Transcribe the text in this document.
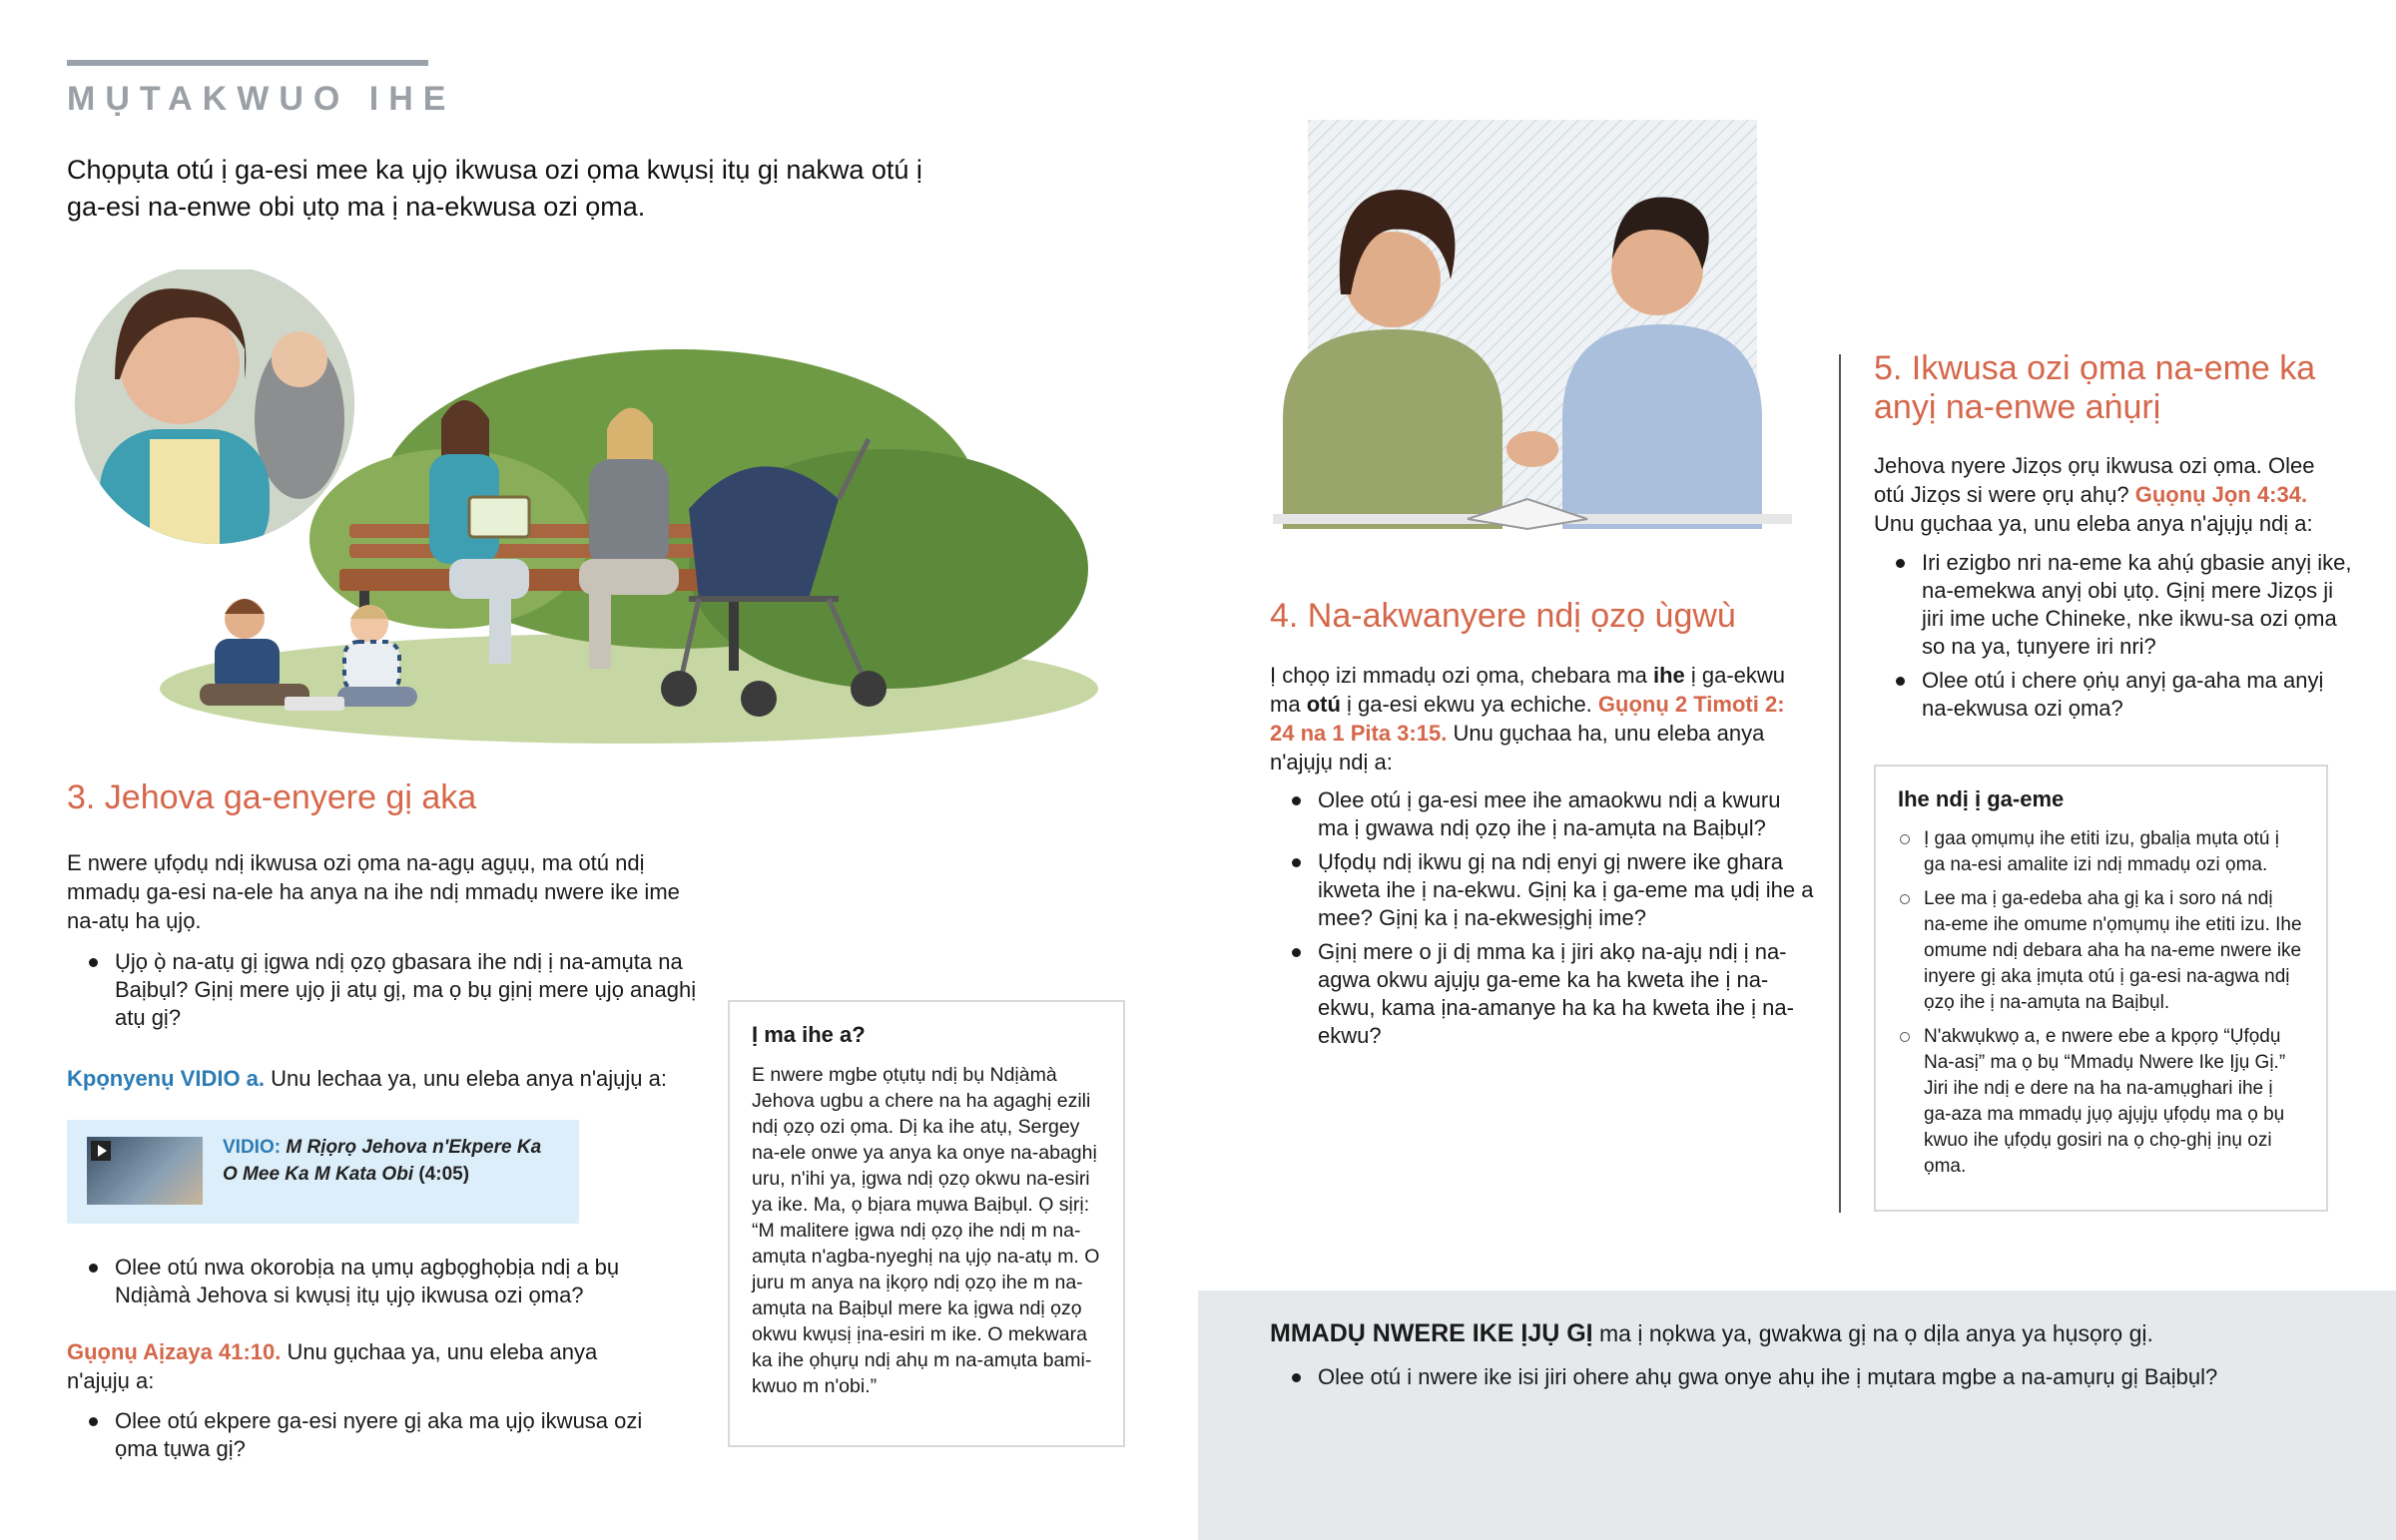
MỤTAKWUO IHE
Chọpụta otú ị ga-esi mee ka ụjọ ikwusa ozi ọma kwụsị itụ gị nakwa otú ị ga-esi na-enwe obi ụtọ ma ị na-ekwusa ozi ọma.
3. Jehova ga-enyere gị aka
E nwere ụfọdụ ndị ikwusa ozi ọma na-agụ agụụ, ma otú ndị mmadụ ga-esi na-ele ha anya na ihe ndị mmadụ nwere ike ime na-atụ ha ụjọ.
Ụjọ ọ̀ na-atụ gị ịgwa ndị ọzọ gbasara ihe ndị ị na-amụta na Baịbụl? Gịnị mere ụjọ ji atụ gị, ma ọ bụ gịnị mere ụjọ anaghị atụ gị?
Kpọnyenụ VIDIO a. Unu lechaa ya, unu eleba anya n'ajụjụ a:
VIDIO: M Rịọrọ Jehova n'Ekpere Ka O Mee Ka M Kata Obi (4:05)
Olee otú nwa okorobịa na ụmụ agbọghọbịa ndị a bụ Ndịàmà Jehova si kwụsị itụ ụjọ ikwusa ozi ọma?
Gụọnụ Aịzaya 41:10. Unu gụchaa ya, unu eleba anya n'ajụjụ a:
Olee otú ekpere ga-esi nyere gị aka ma ụjọ ikwusa ozi ọma tụwa gị?
Ị ma ihe a?
E nwere mgbe ọtụtụ ndị bụ Ndịàmà Jehova ugbu a chere na ha agaghị ezili ndị ọzọ ozi ọma. Dị ka ihe atụ, Sergey na-ele onwe ya anya ka onye na-abaghị uru, n'ihi ya, ịgwa ndị ọzọ okwu na-esiri ya ike. Ma, ọ bịara mụwa Baịbụl. Ọ sịrị: “M malitere ịgwa ndị ọzọ ihe ndị m na-amụta n'agba-nyeghị na ụjọ na-atụ m. O juru m anya na ịkọrọ ndị ọzọ ihe m na-amụta na Baịbụl mere ka ịgwa ndị ọzọ okwu kwụsị ịna-esiri m ike. O mekwara ka ihe ọhụrụ ndị ahụ m na-amụta bami-kwuo m n'obi.”
4. Na-akwanyere ndị ọzọ ùgwù
Ị chọọ izi mmadụ ozi ọma, chebara ma ihe ị ga-ekwu ma otú ị ga-esi ekwu ya echiche. Gụọnụ 2 Timoti 2: 24 na 1 Pita 3:15. Unu gụchaa ha, unu eleba anya n'ajụjụ ndị a:
Olee otú ị ga-esi mee ihe amaokwu ndị a kwuru ma ị gwawa ndị ọzọ ihe ị na-amụta na Baịbụl?
Ụfọdụ ndị ikwu gị na ndị enyi gị nwere ike ghara ikweta ihe ị na-ekwu. Gịnị ka ị ga-eme ma ụdị ihe a mee? Gịnị ka ị na-ekwesịghị ime?
Gịnị mere o ji dị mma ka ị jiri akọ na-ajụ ndị ị na-agwa okwu ajụjụ ga-eme ka ha kweta ihe ị na-ekwu, kama ịna-amanye ha ka ha kweta ihe ị na-ekwu?
5. Ikwusa ozi ọma na-eme ka anyị na-enwe aṅụrị
Jehova nyere Jizọs ọrụ ikwusa ozi ọma. Olee otú Jizọs si were ọrụ ahụ? Gụọnụ Jọn 4:34. Unu gụchaa ya, unu eleba anya n'ajụjụ ndị a:
Iri ezigbo nri na-eme ka ahụ́ gbasie anyị ike, na-emekwa anyị obi ụtọ. Gịnị mere Jizọs ji jiri ime uche Chineke, nke ikwu-sa ozi ọma so na ya, tụnyere iri nri?
Olee otú i chere ọṅụ anyị ga-aha ma anyị na-ekwusa ozi ọma?
Ihe ndị ị ga-eme
Ị gaa ọmụmụ ihe etiti izu, gbalịa mụta otú ị ga na-esi amalite izi ndị mmadụ ozi ọma.
Lee ma ị ga-edeba aha gị ka i soro ná ndị na-eme ihe omume n'ọmụmụ ihe etiti izu. Ihe omume ndị debara aha ha na-eme nwere ike inyere gị aka ịmụta otú ị ga-esi na-agwa ndị ọzọ ihe ị na-amụta na Baịbụl.
N'akwụkwọ a, e nwere ebe a kpọrọ “Ụfọdụ Na-asị” ma ọ bụ “Mmadụ Nwere Ike Ịjụ Gị.” Jiri ihe ndị e dere na ha na-amụghari ihe ị ga-aza ma mmadụ jụọ ajụjụ ụfọdụ ma ọ bụ kwuo ihe ụfọdụ gosiri na ọ chọ-ghị ịnụ ozi ọma.
MMADỤ NWERE IKE ỊJỤ GỊ ma ị nọkwa ya, gwakwa gị na ọ dịla anya ya hụsọrọ gị.
Olee otú i nwere ike isi jiri ohere ahụ gwa onye ahụ ihe ị mụtara mgbe a na-amụrụ gị Baịbụl?
